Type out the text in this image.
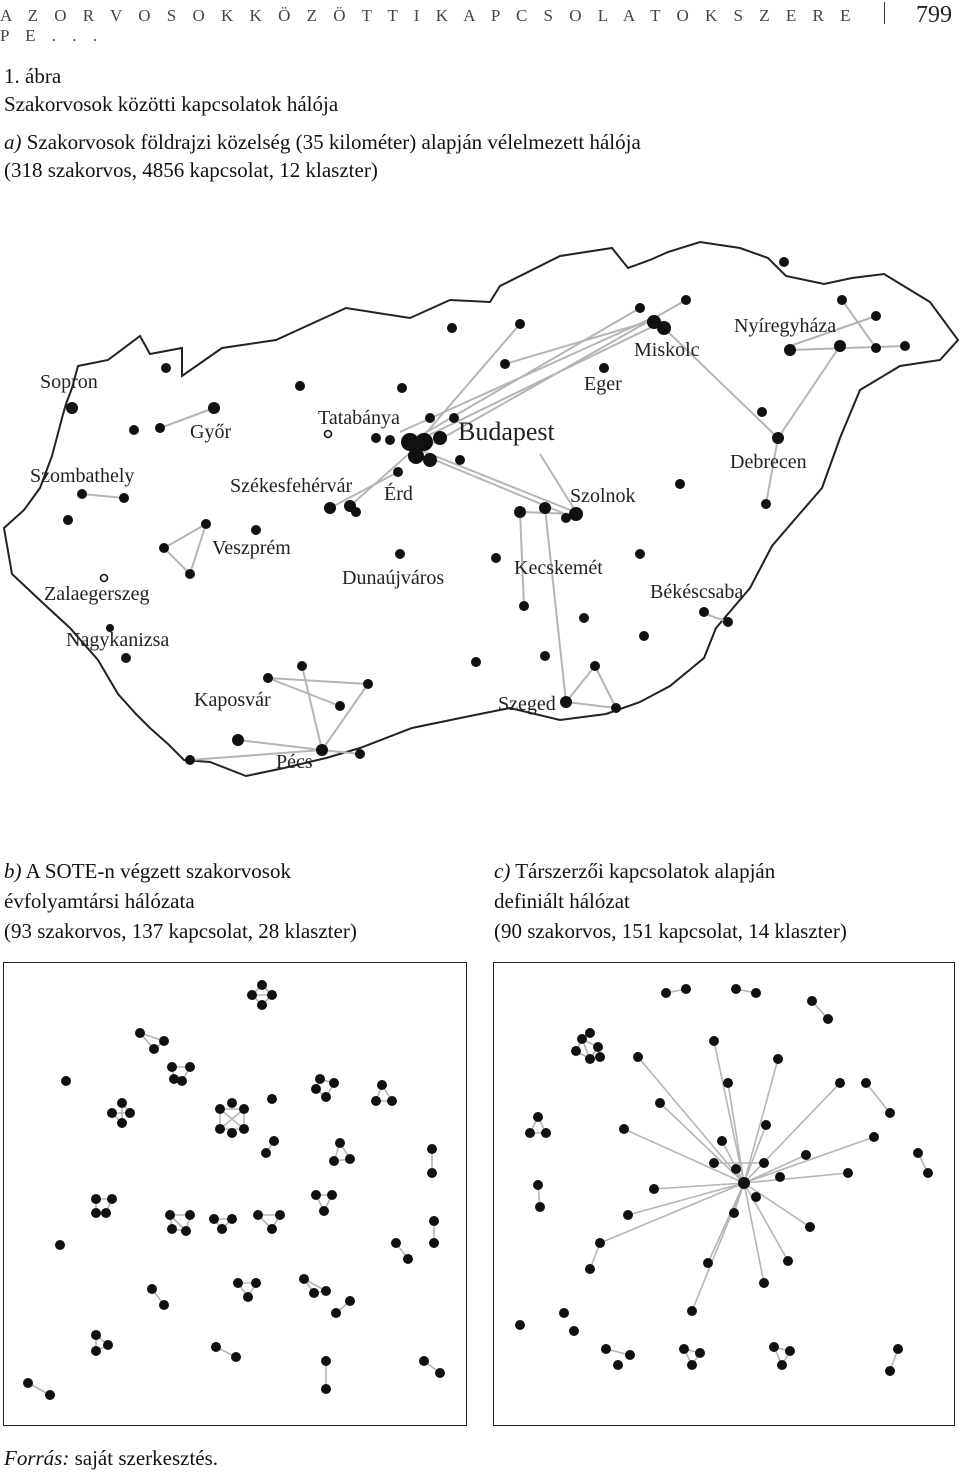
A Z O R V O S O K K Ö Z Ö T T I K A P C S O L A T O K S Z E R E P E . . .
799
1. ábra
Szakorvosok közötti kapcsolatok hálója
a) Szakorvosok földrajzi közelség (35 kilométer) alapján vélelmezett hálója
(318 szakorvos, 4856 kapcsolat, 12 klaszter)
Sopron
Szombathely
Zalaegerszeg
Nagykanizsa
Győr
Tatabánya
Székesfehérvár Érd
Veszprém
Dunaújváros
Kaposvár
Pécs
Budapest
Eger
Miskolc
Nyíregyháza
Debrecen
Szolnok
Kecskemét
Békéscsaba
Szeged
b) A SOTE-n végzett szakorvosok
évfolyamtársi hálózata
(93 szakorvos, 137 kapcsolat, 28 klaszter)
c) Társzerzői kapcsolatok alapján
definiált hálózat
(90 szakorvos, 151 kapcsolat, 14 klaszter)
Forrás: saját szerkesztés.
